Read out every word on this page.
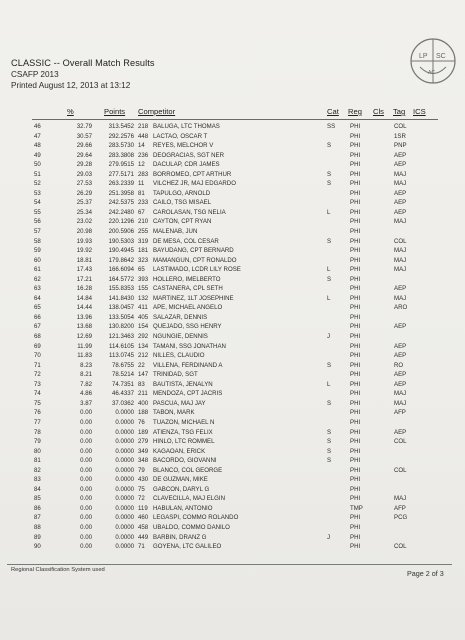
CLASSIC -- Overall Match Results
CSAFP 2013
Printed August 12, 2013 at 13:12
LP SC
AC
%	Points Competitor	Cat Reg Cls Tag ICS
46	32.79	313.5452 218 BALUGA, LTC THOMAS	SS PHI	COL
47	30.57	292.2576 448 LACTAO, OSCAR T	PHI	1SR
48	29.66	283.5730 14 REYES, MELCHOR V	S	PHI	PNP
49	29.64	283.3808 236 DEOGRACIAS, SGT NER	PHI	AEP
50	29.28	279.9515 12 DACULAP, CDR JAMES	PHI	AEP
51	29.03	277.5171 283 BORROMEO, CPT ARTHUR	S	PHI	MAJ
52	27.53	263.2339 11 VILCHEZ JR, MAJ EDGARDO	S	PHI	MAJ
53	26.29	251.3958 81 TAPULGO, ARNOLD	PHI	AEP
54	25.37	242.5375 233 CAILO, TSG MISAEL	PHI	AEP
55	25.34	242.2480 67 CAROLASAN, TSG NELIA	L	PHI	AEP
56	23.02	220.1296 210 CAYTON, CPT RYAN	PHI	MAJ
57	20.98	200.5906 255 MALENAB, JUN	PHI
58	19.93	190.5303 319 DE MESA, COL CESAR	S	PHI	COL
59	19.92	190.4945 181 BAYUDANG, CPT BERNARD	PHI	MAJ
60	18.81	179.8642 323 MAMANGUN, CPT RONALDO	PHI	MAJ
61	17.43	166.6094 65 LASTIMADO, LCDR LILY ROSE	L	PHI	MAJ
62	17.21	164.5772 393 HOLLERO, IMELBERTO	S	PHI
63	16.28	155.8353 155 CASTANERA, CPL SETH	PHI	AEP
64	14.84	141.8430 132 MARTINEZ, 1LT JOSEPHINE	L	PHI	MAJ
65	14.44	138.0457 411 APE, MICHAEL ANGELO	PHI	ARO
66	13.96	133.5054 405 SALAZAR, DENNIS	PHI
67	13.68	130.8200 154 QUEJADO, SSG HENRY	PHI	AEP
68	12.69	121.3463 292 NGUNGIE, DENNIS	J	PHI
69	11.99	114.6105 134 TAMANI, SSG JONATHAN	PHI	AEP
70	11.83	113.0745 212 NILLES, CLAUDIO	PHI	AEP
71	8.23	78.6755 22 VILLENA, FERDINAND A	S	PHI	RO
72	8.21	78.5214 147 TRINIDAD, SGT	PHI	AEP
73	7.82	74.7351 83 BAUTISTA, JENALYN	L	PHI	AEP
74	4.86	46.4337 211 MENDOZA, CPT JACRIS	PHI	MAJ
75	3.87	37.0362 400 PASCUA, MAJ JAY	S	PHI	MAJ
76	0.00	0.0000 188 TABON, MARK	PHI	AFP
77	0.00	0.0000 76 TUAZON, MICHAEL N	PHI
78	0.00	0.0000 189 ATIENZA, TSG FELIX	S	PHI	AEP
79	0.00	0.0000 279 HINLO, LTC ROMMEL	S	PHI	COL
80	0.00	0.0000 349 KAGAOAN, ERICK	S	PHI
81	0.00	0.0000 348 BACORDO, GIOVANNI	S	PHI
82	0.00	0.0000 79 BLANCO, COL GEORGE	PHI	COL
83	0.00	0.0000 430 DE GUZMAN, MIKE	PHI
84	0.00	0.0000 75 GABCON, DARYL G	PHI
85	0.00	0.0000 72 CLAVECILLA, MAJ ELGIN	PHI	MAJ
86	0.00	0.0000 119 HABULAN, ANTONIO	TMP	AFP
87	0.00	0.0000 460 LEGASPI, COMMO ROLANDO	PHI	PCG
88	0.00	0.0000 458 UBALDO, COMMO DANILO	PHI
89	0.00	0.0000 449 BARBIN, DRANZ G	J	PHI
90	0.00	0.0000 71 GOYENA, LTC GALILEO	PHI	COL
Regional Classification System used	Page 2 of 3
